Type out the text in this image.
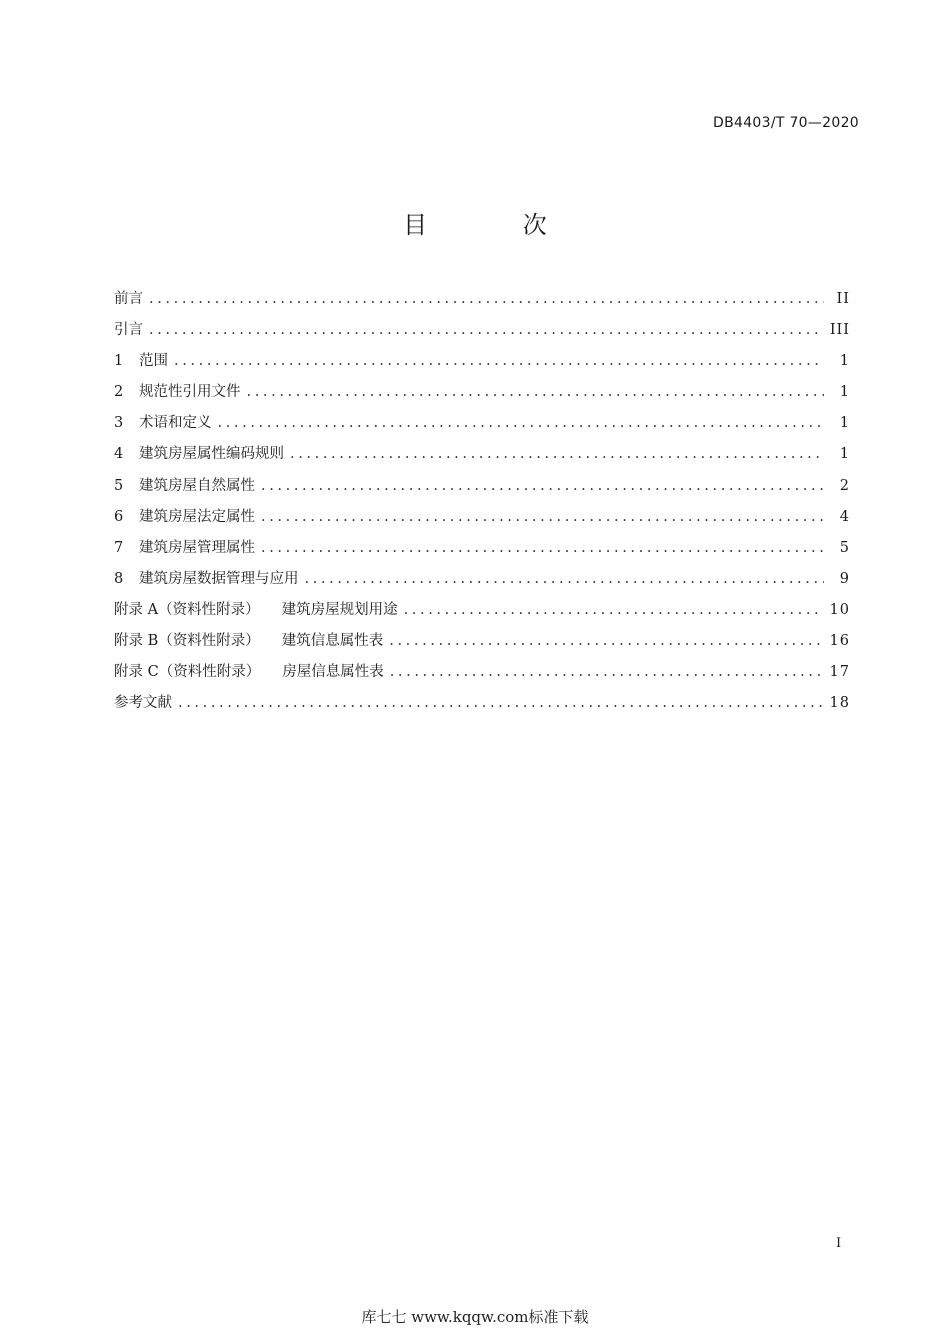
DB4403/T 70—2020
目 次
前言 .....	II
引言 .....	III
1	范围 .....	1
2	规范性引用文件 .....	1
3	术语和定义 .....	1
4	建筑房屋属性编码规则 .....	1
5	建筑房屋自然属性 .....	2
6	建筑房屋法定属性 .....	4
7	建筑房屋管理属性 .....	5
8	建筑房屋数据管理与应用 .....	9
附录 A（资料性附录） 建筑房屋规划用途 .....	10
附录 B（资料性附录） 建筑信息属性表 .....	16
附录 C（资料性附录） 房屋信息属性表 .....	17
参考文献 .....	18
I
库七七 www.kqqw.com标准下载
